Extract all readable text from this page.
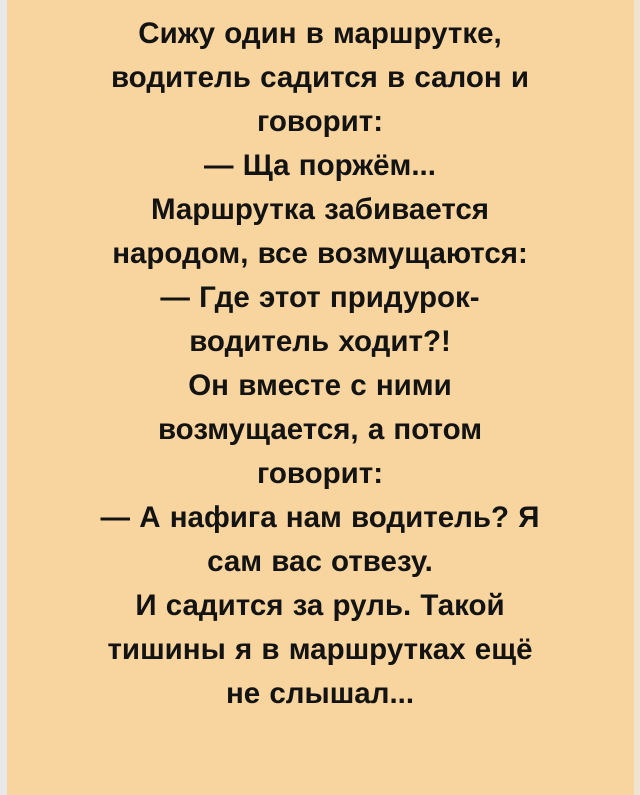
Сижу один в маршрутке,
водитель садится в салон и
говорит:
— Ща поржём...
Маршрутка забивается
народом, все возмущаются:
— Где этот придурок-
водитель ходит?!
Он вместе с ними
возмущается, а потом
говорит:
— А нафига нам водитель? Я
сам вас отвезу.
И садится за руль. Такой
тишины я в маршрутках ещё
не слышал...
